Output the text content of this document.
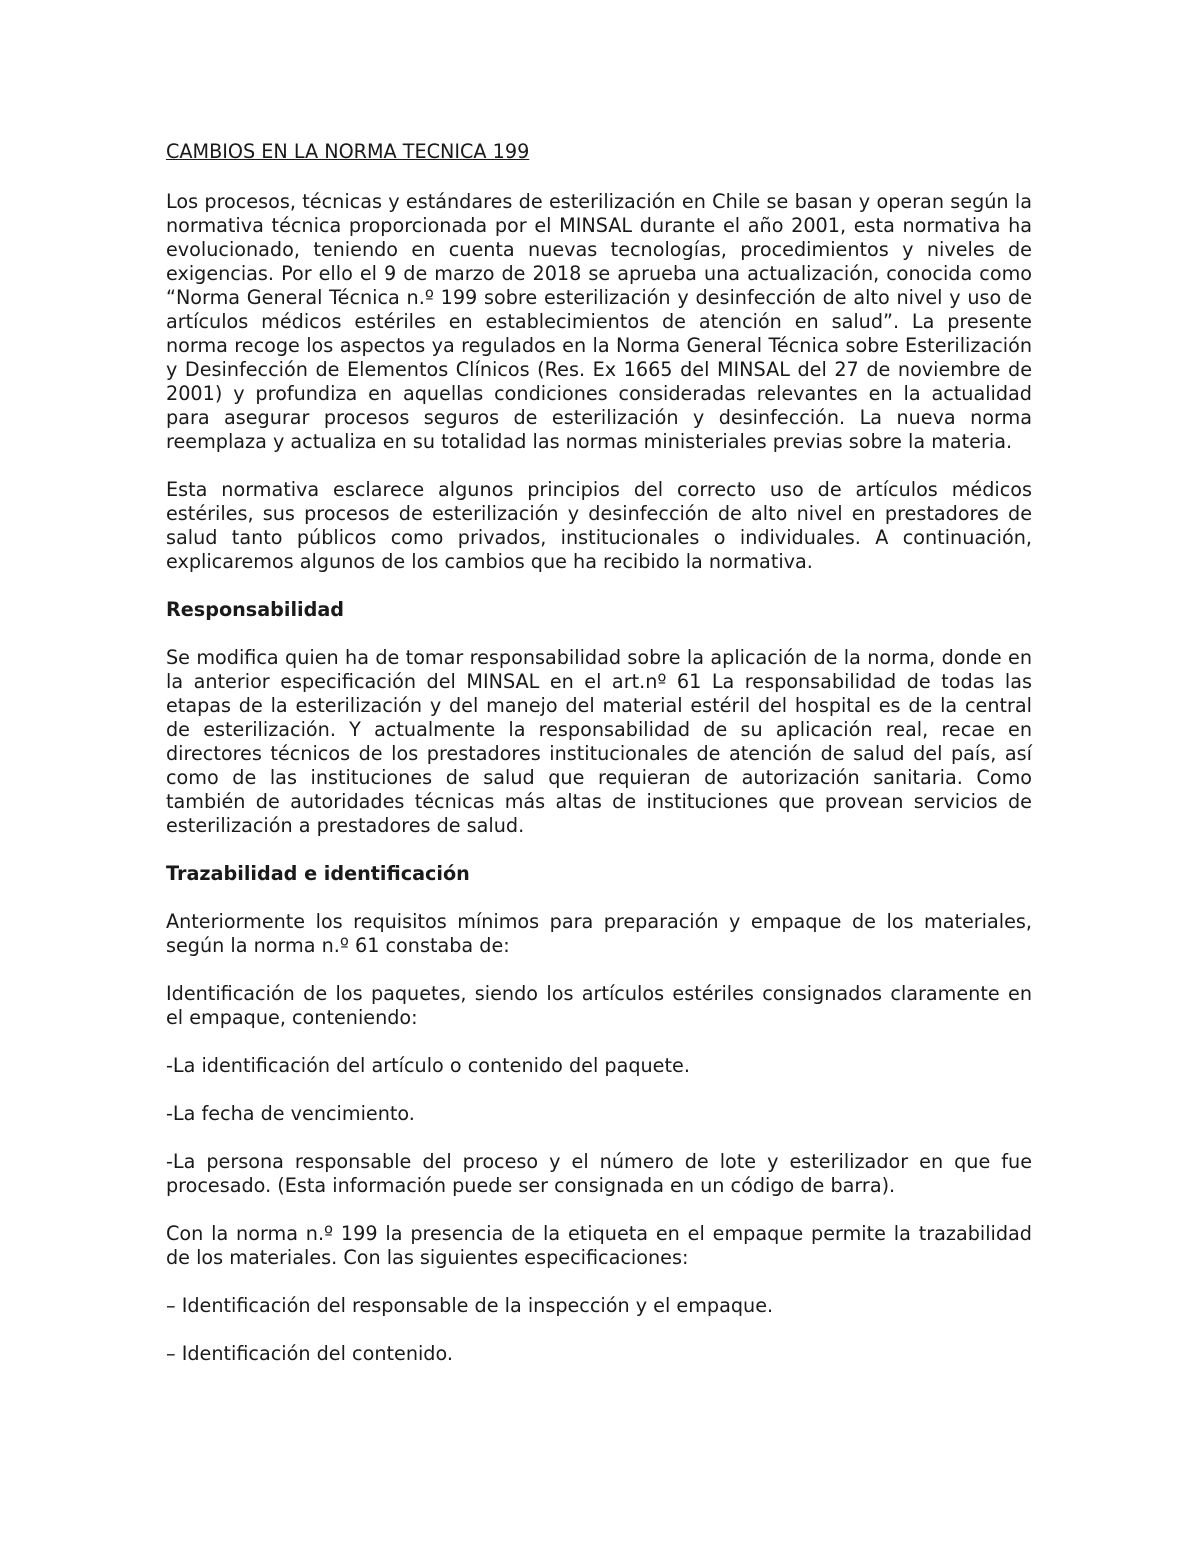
CAMBIOS EN LA NORMA TECNICA 199

Los procesos, técnicas y estándares de esterilización en Chile se basan y operan según la normativa técnica proporcionada por el MINSAL durante el año 2001, esta normativa ha evolucionado, teniendo en cuenta nuevas tecnologías, procedimientos y niveles de exigencias. Por ello el 9 de marzo de 2018 se aprueba una actualización, conocida como “Norma General Técnica n.º 199 sobre esterilización y desinfección de alto nivel y uso de artículos médicos estériles en establecimientos de atención en salud”. La presente norma recoge los aspectos ya regulados en la Norma General Técnica sobre Esterilización y Desinfección de Elementos Clínicos (Res. Ex 1665 del MINSAL del 27 de noviembre de 2001) y profundiza en aquellas condiciones consideradas relevantes en la actualidad para asegurar procesos seguros de esterilización y desinfección. La nueva norma reemplaza y actualiza en su totalidad las normas ministeriales previas sobre la materia.

Esta normativa esclarece algunos principios del correcto uso de artículos médicos estériles, sus procesos de esterilización y desinfección de alto nivel en prestadores de salud tanto públicos como privados, institucionales o individuales. A continuación, explicaremos algunos de los cambios que ha recibido la normativa.

Responsabilidad

Se modifica quien ha de tomar responsabilidad sobre la aplicación de la norma, donde en la anterior especificación del MINSAL en el art.nº 61 La responsabilidad de todas las etapas de la esterilización y del manejo del material estéril del hospital es de la central de esterilización. Y actualmente la responsabilidad de su aplicación real, recae en directores técnicos de los prestadores institucionales de atención de salud del país, así como de las instituciones de salud que requieran de autorización sanitaria. Como también de autoridades técnicas más altas de instituciones que provean servicios de esterilización a prestadores de salud.

Trazabilidad e identificación

Anteriormente los requisitos mínimos para preparación y empaque de los materiales, según la norma n.º 61 constaba de:

Identificación de los paquetes, siendo los artículos estériles consignados claramente en el empaque, conteniendo:

-La identificación del artículo o contenido del paquete.

-La fecha de vencimiento.

-La persona responsable del proceso y el número de lote y esterilizador en que fue procesado. (Esta información puede ser consignada en un código de barra).

Con la norma n.º 199 la presencia de la etiqueta en el empaque permite la trazabilidad de los materiales. Con las siguientes especificaciones:

– Identificación del responsable de la inspección y el empaque.

– Identificación del contenido.
